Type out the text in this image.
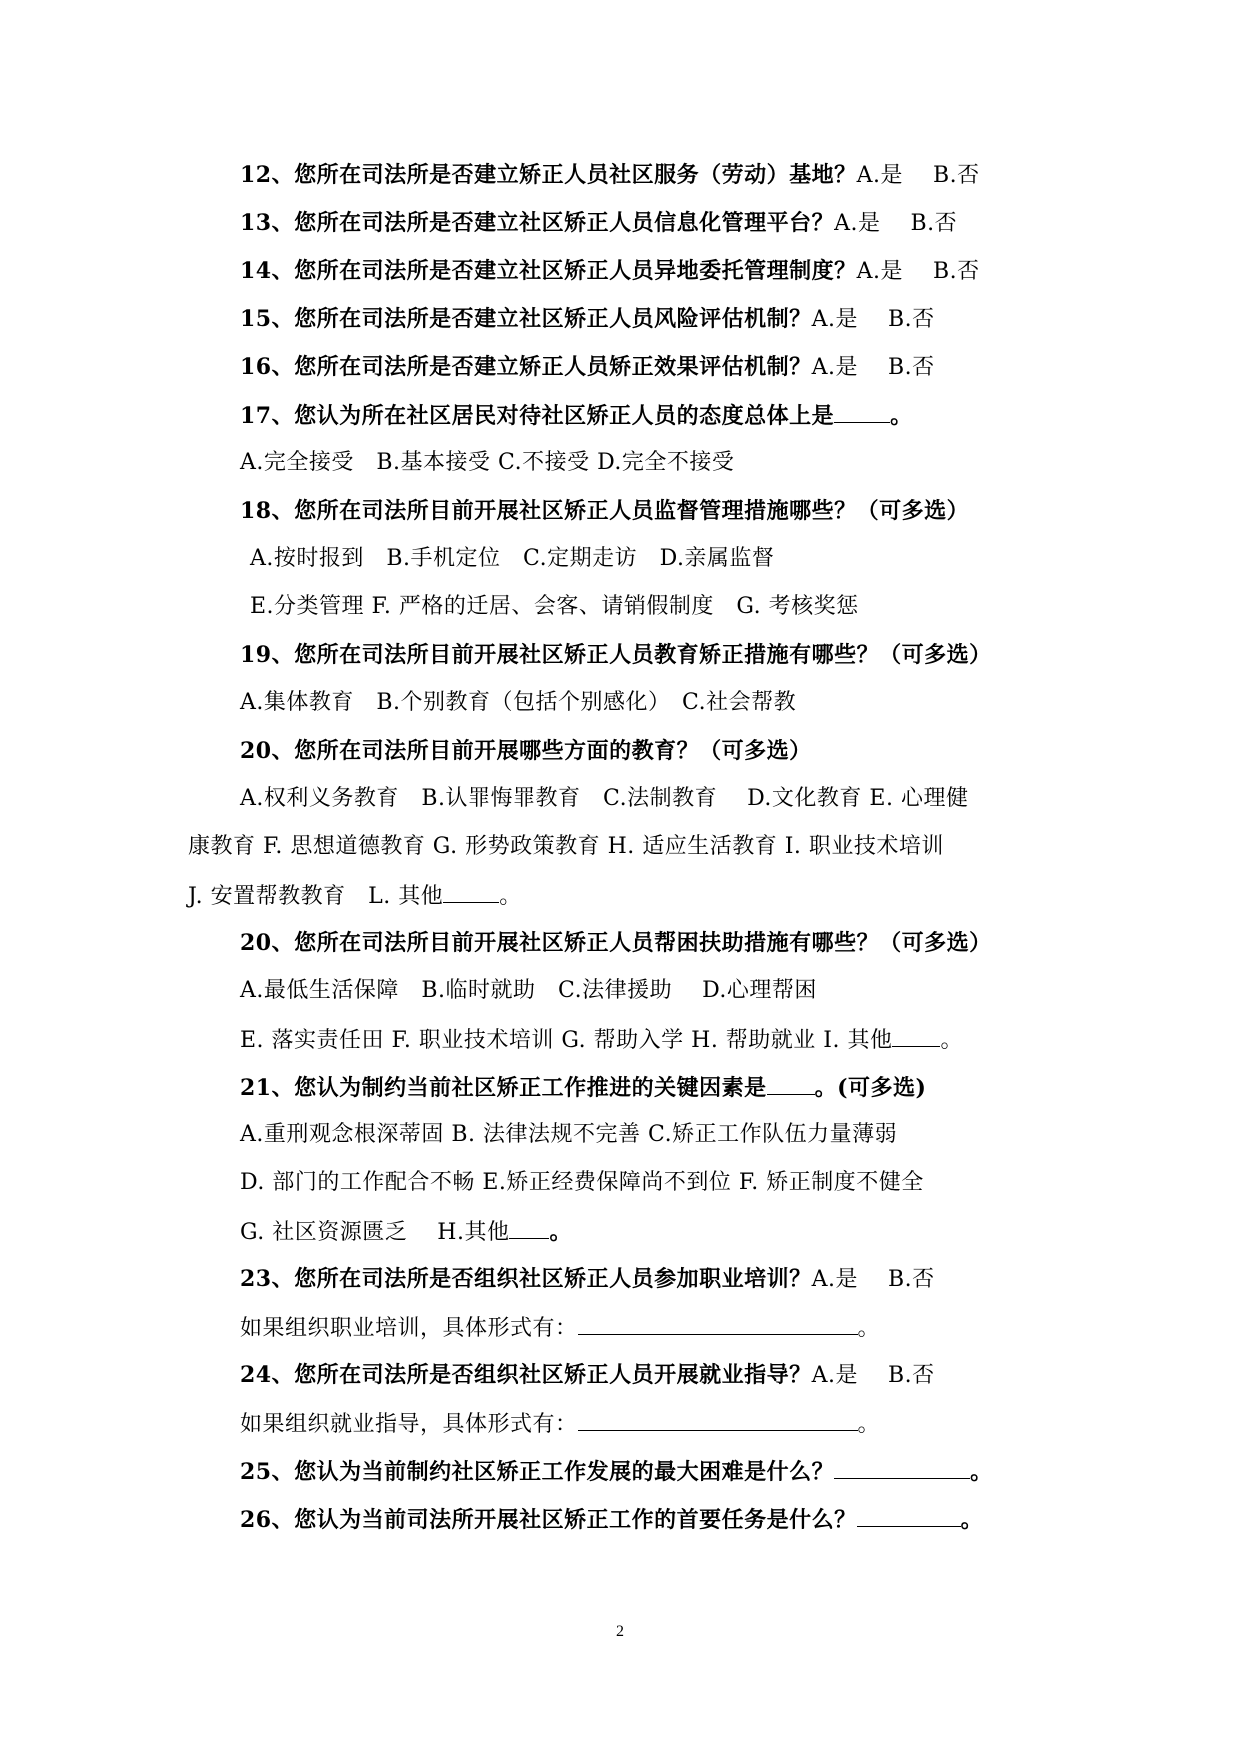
12、您所在司法所是否建立矫正人员社区服务（劳动）基地？A.是　 B.否
13、您所在司法所是否建立社区矫正人员信息化管理平台？A.是　 B.否
14、您所在司法所是否建立社区矫正人员异地委托管理制度？A.是　 B.否
15、您所在司法所是否建立社区矫正人员风险评估机制？A.是　 B.否
16、您所在司法所是否建立矫正人员矫正效果评估机制？A.是　 B.否
17、您认为所在社区居民对待社区矫正人员的态度总体上是	。
A.完全接受　B.基本接受 C.不接受 D.完全不接受
18、您所在司法所目前开展社区矫正人员监督管理措施哪些？（可多选）
A.按时报到　B.手机定位　C.定期走访　D.亲属监督
E.分类管理 F. 严格的迁居、会客、请销假制度　G. 考核奖惩
19、您所在司法所目前开展社区矫正人员教育矫正措施有哪些？（可多选）
A.集体教育　B.个别教育（包括个别感化）　C.社会帮教
20、您所在司法所目前开展哪些方面的教育？（可多选）
A.权利义务教育　B.认罪悔罪教育　C.法制教育　 D.文化教育 E. 心理健
康教育 F. 思想道德教育 G. 形势政策教育 H. 适应生活教育 I. 职业技术培训
J. 安置帮教教育　L. 其他	。
20、您所在司法所目前开展社区矫正人员帮困扶助措施有哪些？（可多选）
A.最低生活保障　B.临时就助　C.法律援助　 D.心理帮困
E. 落实责任田 F. 职业技术培训 G. 帮助入学 H. 帮助就业 I. 其他 。
21、您认为制约当前社区矫正工作推进的关键因素是 。(可多选)
A.重刑观念根深蒂固 B. 法律法规不完善 C.矫正工作队伍力量薄弱
D. 部门的工作配合不畅 E.矫正经费保障尚不到位 F. 矫正制度不健全
G. 社区资源匮乏　 H.其他 。
23、您所在司法所是否组织社区矫正人员参加职业培训？A.是　 B.否
如果组织职业培训，具体形式有：	。
24、您所在司法所是否组织社区矫正人员开展就业指导？A.是　 B.否
如果组织就业指导，具体形式有：	。
25、您认为当前制约社区矫正工作发展的最大困难是什么？	。
26、您认为当前司法所开展社区矫正工作的首要任务是什么？	。
2
